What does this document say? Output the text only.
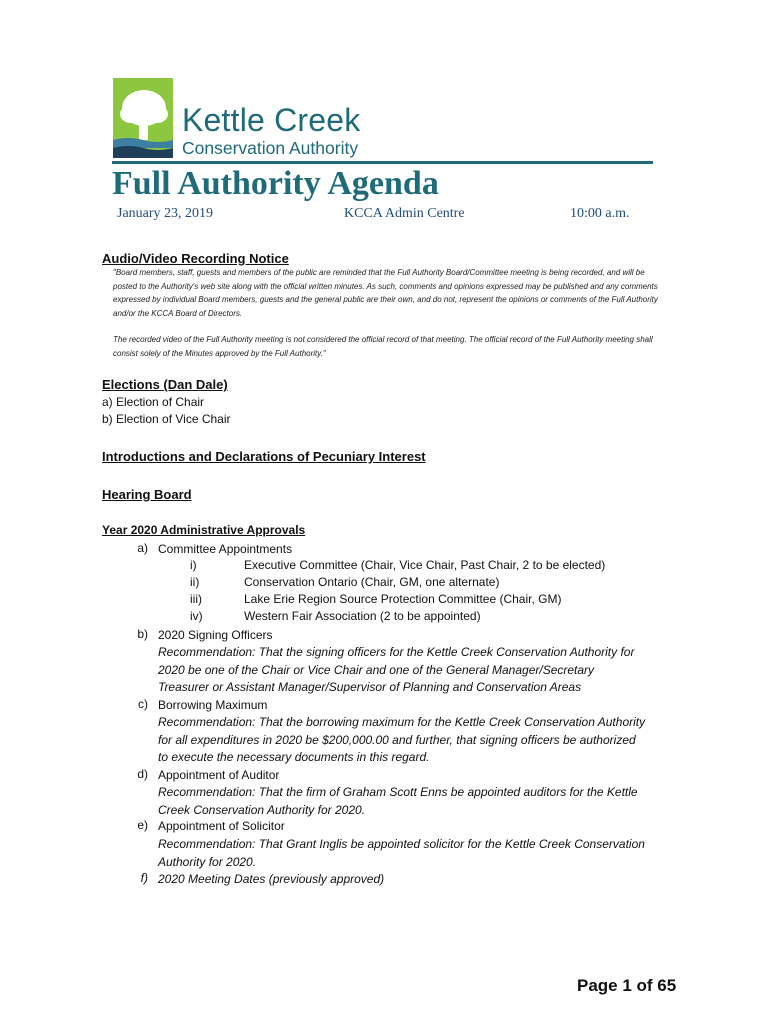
Kettle Creek
Conservation Authority
Full Authority Agenda
January 23, 2019	KCCA Admin Centre	10:00 a.m.
Audio/Video Recording Notice

"Board members, staff, guests and members of the public are reminded that the Full Authority Board/Committee meeting is being recorded, and will be posted to the Authority's web site along with the official written minutes. As such, comments and opinions expressed may be published and any comments expressed by individual Board members, guests and the general public are their own, and do not, represent the opinions or comments of the Full Authority and/or the KCCA Board of Directors.

The recorded video of the Full Authority meeting is not considered the official record of that meeting. The official record of the Full Authority meeting shall consist solely of the Minutes approved by the Full Authority."

Elections (Dan Dale)
a) Election of Chair
b) Election of Vice Chair
Introductions and Declarations of Pecuniary Interest
Hearing Board
Year 2020 Administrative Approvals
a) Committee Appointments
i)	Executive Committee (Chair, Vice Chair, Past Chair, 2 to be elected)
ii)	Conservation Ontario (Chair, GM, one alternate)
iii)	Lake Erie Region Source Protection Committee (Chair, GM)
iv)	Western Fair Association (2 to be appointed)
b) 2020 Signing Officers

Recommendation: That the signing officers for the Kettle Creek Conservation Authority for 2020 be one of the Chair or Vice Chair and one of the General Manager/Secretary Treasurer or Assistant Manager/Supervisor of Planning and Conservation Areas

c) Borrowing Maximum

Recommendation: That the borrowing maximum for the Kettle Creek Conservation Authority for all expenditures in 2020 be $200,000.00 and further, that signing officers be authorized to execute the necessary documents in this regard.

d) Appointment of Auditor

Recommendation: That the firm of Graham Scott Enns be appointed auditors for the Kettle Creek Conservation Authority for 2020.

e) Appointment of Solicitor

Recommendation: That Grant Inglis be appointed solicitor for the Kettle Creek Conservation Authority for 2020.

f) 2020 Meeting Dates (previously approved)
Page 1 of 65
